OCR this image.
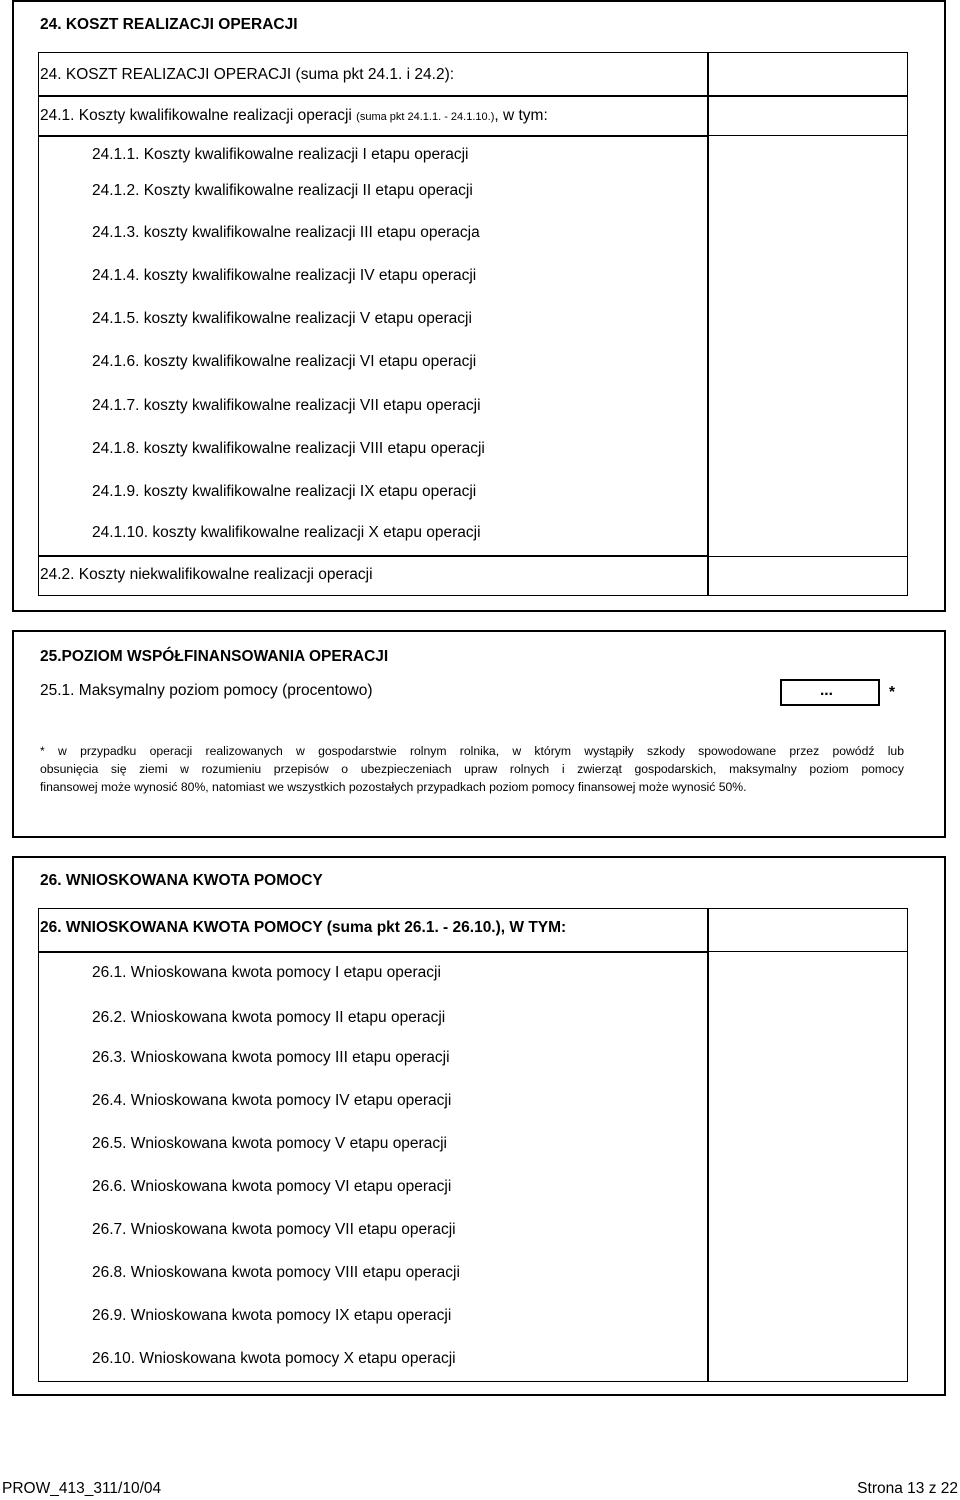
24. KOSZT REALIZACJI OPERACJI
24. KOSZT REALIZACJI OPERACJI (suma pkt 24.1. i 24.2):
24.1. Koszty kwalifikowalne realizacji operacji (suma pkt 24.1.1. - 24.1.10.), w tym:
24.1.1. Koszty kwalifikowalne realizacji I etapu operacji
24.1.2. Koszty kwalifikowalne realizacji II etapu operacji
24.1.3. koszty kwalifikowalne realizacji III etapu operacja
24.1.4. koszty kwalifikowalne realizacji IV etapu operacji
24.1.5. koszty kwalifikowalne realizacji V etapu operacji
24.1.6. koszty kwalifikowalne realizacji VI etapu operacji
24.1.7. koszty kwalifikowalne realizacji VII etapu operacji
24.1.8. koszty kwalifikowalne realizacji VIII etapu operacji
24.1.9. koszty kwalifikowalne realizacji IX etapu operacji
24.1.10. koszty kwalifikowalne realizacji X etapu operacji
24.2. Koszty niekwalifikowalne realizacji operacji
25.POZIOM WSPÓŁFINANSOWANIA OPERACJI
25.1. Maksymalny poziom pomocy (procentowo)	...	*
* w przypadku operacji realizowanych w gospodarstwie rolnym rolnika, w którym wystąpiły szkody spowodowane przez powódź lub
obsunięcia się ziemi w rozumieniu przepisów o ubezpieczeniach upraw rolnych i zwierząt gospodarskich, maksymalny poziom pomocy
finansowej może wynosić 80%, natomiast we wszystkich pozostałych przypadkach poziom pomocy finansowej może wynosić 50%.
26. WNIOSKOWANA KWOTA POMOCY
26. WNIOSKOWANA KWOTA POMOCY (suma pkt 26.1. - 26.10.), W TYM:
26.1. Wnioskowana kwota pomocy I etapu operacji
26.2. Wnioskowana kwota pomocy II etapu operacji
26.3. Wnioskowana kwota pomocy III etapu operacji
26.4. Wnioskowana kwota pomocy IV etapu operacji
26.5. Wnioskowana kwota pomocy V etapu operacji
26.6. Wnioskowana kwota pomocy VI etapu operacji
26.7. Wnioskowana kwota pomocy VII etapu operacji
26.8. Wnioskowana kwota pomocy VIII etapu operacji
26.9. Wnioskowana kwota pomocy IX etapu operacji
26.10. Wnioskowana kwota pomocy X etapu operacji
PROW_413_311/10/04	Strona 13 z 22
